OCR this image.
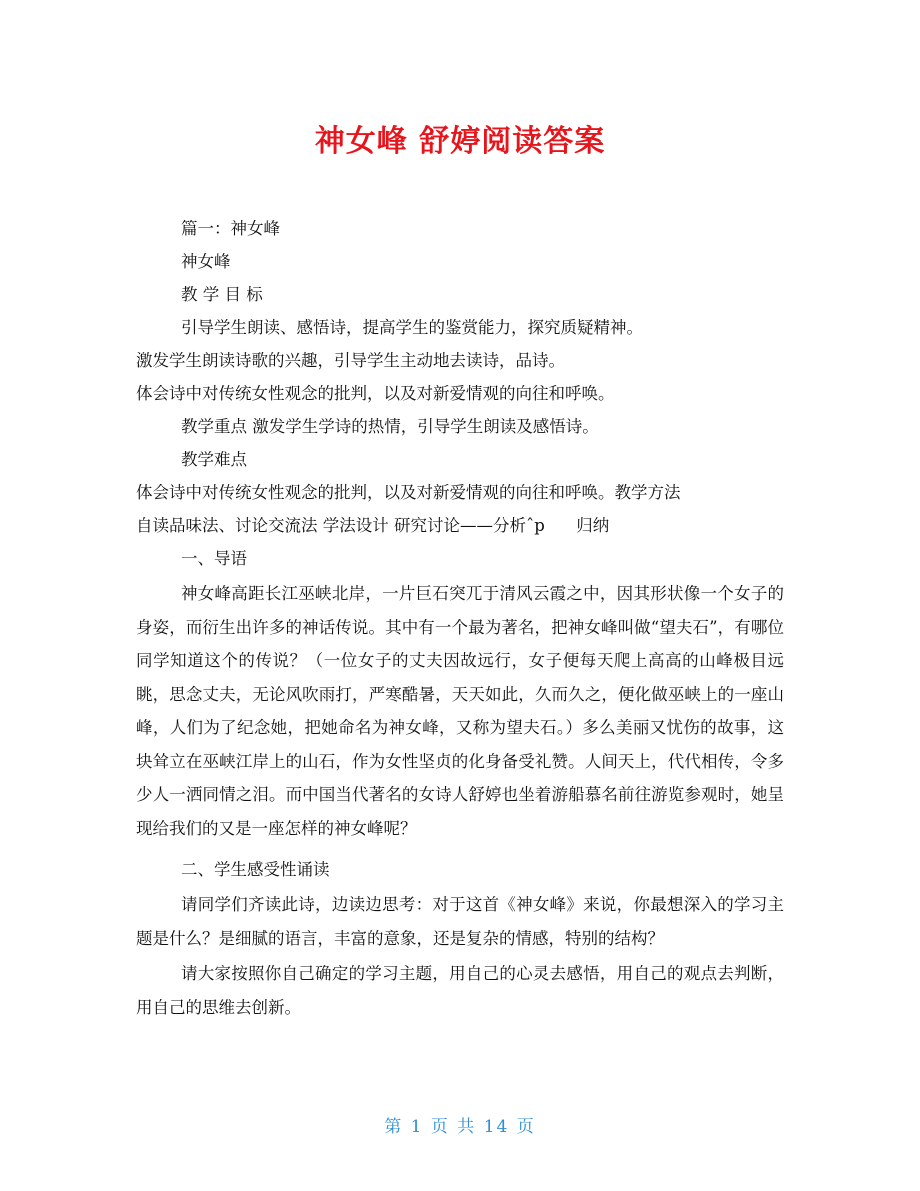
神女峰 舒婷阅读答案
篇一：神女峰
神女峰
教 学 目 标
引导学生朗读、感悟诗，提高学生的鉴赏能力，探究质疑精神。
激发学生朗读诗歌的兴趣，引导学生主动地去读诗，品诗。
体会诗中对传统女性观念的批判，以及对新爱情观的向往和呼唤。
教学重点 激发学生学诗的热情，引导学生朗读及感悟诗。
教学难点
体会诗中对传统女性观念的批判，以及对新爱情观的向往和呼唤。教学方法
自读品味法、讨论交流法 学法设计 研究讨论——分析ˆp      归纳
一、导语
神女峰高距长江巫峡北岸，一片巨石突兀于清风云霞之中，因其形状像一个女子的身姿，而衍生出许多的神话传说。其中有一个最为著名，把神女峰叫做“望夫石”，有哪位同学知道这个的传说？（一位女子的丈夫因故远行，女子便每天爬上高高的山峰极目远眺，思念丈夫，无论风吹雨打，严寒酷暑，天天如此，久而久之，便化做巫峡上的一座山峰，人们为了纪念她，把她命名为神女峰，又称为望夫石。）多么美丽又忧伤的故事，这块耸立在巫峡江岸上的山石，作为女性坚贞的化身备受礼赞。人间天上，代代相传，令多少人一洒同情之泪。而中国当代著名的女诗人舒婷也坐着游船慕名前往游览参观时，她呈现给我们的又是一座怎样的神女峰呢？
二、学生感受性诵读
请同学们齐读此诗，边读边思考：对于这首《神女峰》来说，你最想深入的学习主题是什么？是细腻的语言，丰富的意象，还是复杂的情感，特别的结构？
请大家按照你自己确定的学习主题，用自己的心灵去感悟，用自己的观点去判断，用自己的思维去创新。
第 1 页 共 14 页
